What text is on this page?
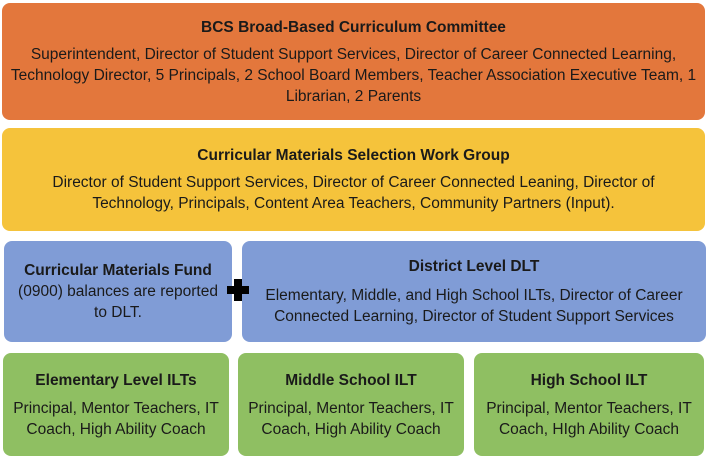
BCS Broad-Based Curriculum Committee
Superintendent, Director of Student Support Services, Director of Career Connected Learning, Technology Director, 5 Principals, 2 School Board Members, Teacher Association Executive Team, 1 Librarian, 2 Parents
Curricular Materials Selection Work Group
Director of Student Support Services, Director of Career Connected Leaning, Director of Technology, Principals, Content Area Teachers, Community Partners (Input).
Curricular Materials Fund (0900) balances are reported to DLT.
District Level DLT
Elementary, Middle, and High School ILTs, Director of Career Connected Learning, Director of Student Support Services
Elementary Level ILTs
Principal, Mentor Teachers, IT Coach, High Ability Coach
Middle School ILT
Principal, Mentor Teachers, IT Coach, High Ability Coach
High School ILT
Principal, Mentor Teachers, IT Coach, HIgh Ability Coach
